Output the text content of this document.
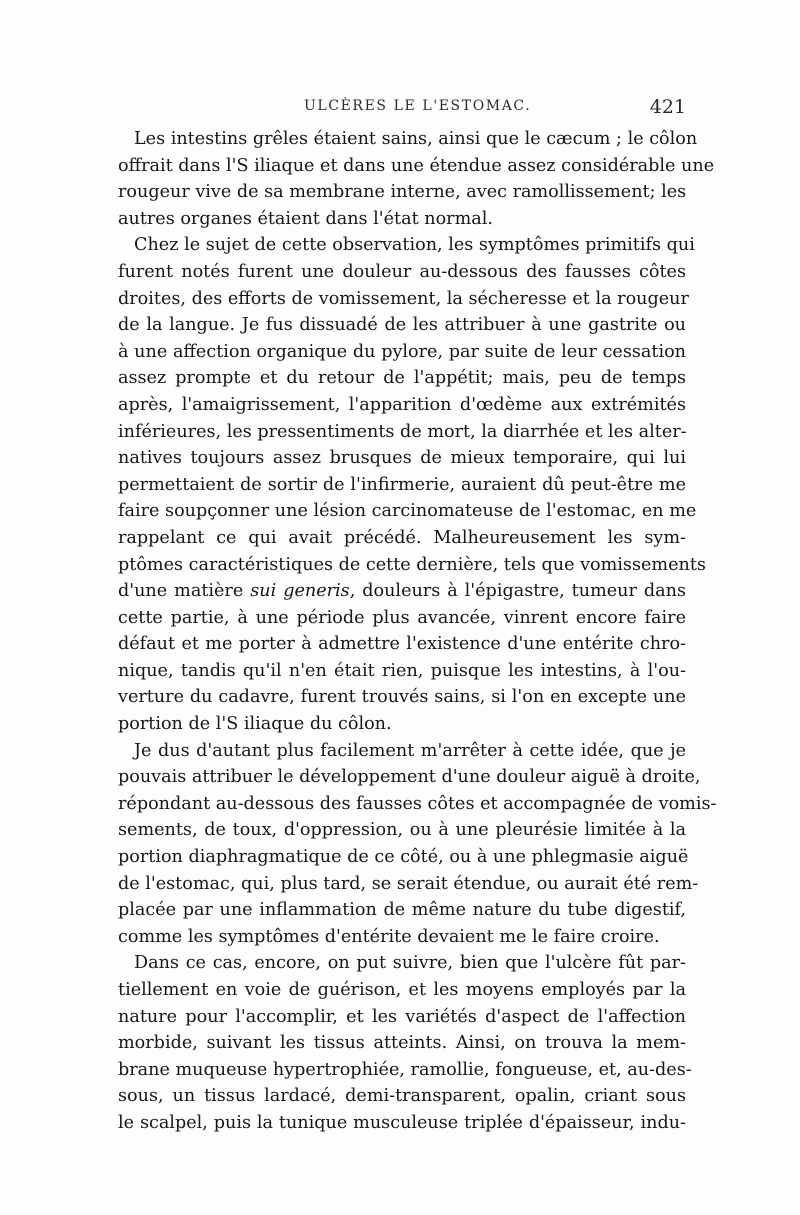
ULCÈRES LE L'ESTOMAC.	421
Les intestins grêles étaient sains, ainsi que le cæcum ; le côlon
offrait dans l'S iliaque et dans une étendue assez considérable une
rougeur vive de sa membrane interne, avec ramollissement; les
autres organes étaient dans l'état normal.
Chez le sujet de cette observation, les symptômes primitifs qui
furent notés furent une douleur au-dessous des fausses côtes
droites, des efforts de vomissement, la sécheresse et la rougeur
de la langue. Je fus dissuadé de les attribuer à une gastrite ou
à une affection organique du pylore, par suite de leur cessation
assez prompte et du retour de l'appétit; mais, peu de temps
après, l'amaigrissement, l'apparition d'œdème aux extrémités
inférieures, les pressentiments de mort, la diarrhée et les alter-
natives toujours assez brusques de mieux temporaire, qui lui
permettaient de sortir de l'infirmerie, auraient dû peut-être me
faire soupçonner une lésion carcinomateuse de l'estomac, en me
rappelant ce qui avait précédé. Malheureusement les sym-
ptômes caractéristiques de cette dernière, tels que vomissements
d'une matière sui generis, douleurs à l'épigastre, tumeur dans
cette partie, à une période plus avancée, vinrent encore faire
défaut et me porter à admettre l'existence d'une entérite chro-
nique, tandis qu'il n'en était rien, puisque les intestins, à l'ou-
verture du cadavre, furent trouvés sains, si l'on en excepte une
portion de l'S iliaque du côlon.
Je dus d'autant plus facilement m'arrêter à cette idée, que je
pouvais attribuer le développement d'une douleur aiguë à droite,
répondant au-dessous des fausses côtes et accompagnée de vomis-
sements, de toux, d'oppression, ou à une pleurésie limitée à la
portion diaphragmatique de ce côté, ou à une phlegmasie aiguë
de l'estomac, qui, plus tard, se serait étendue, ou aurait été rem-
placée par une inflammation de même nature du tube digestif,
comme les symptômes d'entérite devaient me le faire croire.
Dans ce cas, encore, on put suivre, bien que l'ulcère fût par-
tiellement en voie de guérison, et les moyens employés par la
nature pour l'accomplir, et les variétés d'aspect de l'affection
morbide, suivant les tissus atteints. Ainsi, on trouva la mem-
brane muqueuse hypertrophiée, ramollie, fongueuse, et, au-des-
sous, un tissus lardacé, demi-transparent, opalin, criant sous
le scalpel, puis la tunique musculeuse triplée d'épaisseur, indu-
